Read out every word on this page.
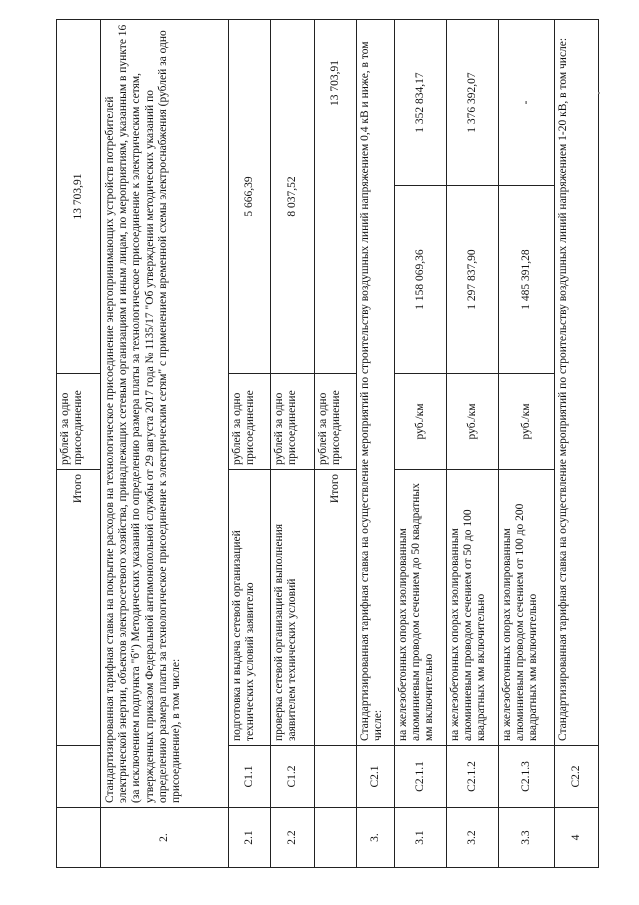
		Итого	рублей за одно присоединение	13 703,91	
2.	Стандартизированная тарифная ставка на покрытие расходов на технологическое присоединение энергопринимающих устройств потребителей электрической энергии, объектов электросетевого хозяйства, принадлежащих сетевым организациям и иным лицам, по мероприятиям, указанным в пункте 16 (за исключением подпункта "б") Методических указаний по определению размера платы за технологическое присоединение к электрическим сетям, утвержденных приказом Федеральной антимонопольной службы от 29 августа 2017 года № 1135/17 "Об утверждении методических указаний по определению размера платы за технологическое присоединение к электрическим сетям" с применением временной схемы электроснабжения (рублей за одно присоединение), в том числе:				
2.1	С1.1	подготовка и выдача сетевой организацией технических условий заявителю	рублей за одно присоединение	5 666,39	
2.2	С1.2	проверка сетевой организацией выполнения заявителем технических условий	рублей за одно присоединение	8 037,52	
		Итого	рублей за одно присоединение	13 703,91	
3.	С2.1	Стандартизированная тарифная ставка на осуществление мероприятий по строительству воздушных линий напряжением 0,4 кВ и ниже, в том числе:			
3.1	С2.1.1	на железобетонных опорах изолированным алюминиевым проводом сечением до 50 квадратных мм включительно	руб./км	1 158 069,36	1 352 834,17
3.2	С2.1.2	на железобетонных опорах изолированным алюминиевым проводом сечением от 50 до 100 квадратных мм включительно	руб./км	1 297 837,90	1 376 392,07
3.3	С2.1.3	на железобетонных опорах изолированным алюминиевым проводом сечением от 100 до 200 квадратных мм включительно	руб./км	1 485 391,28	-
4	С2.2	Стандартизированная тарифная ставка на осуществление мероприятий по строительству воздушных линий напряжением 1-20 кВ, в том числе:			
